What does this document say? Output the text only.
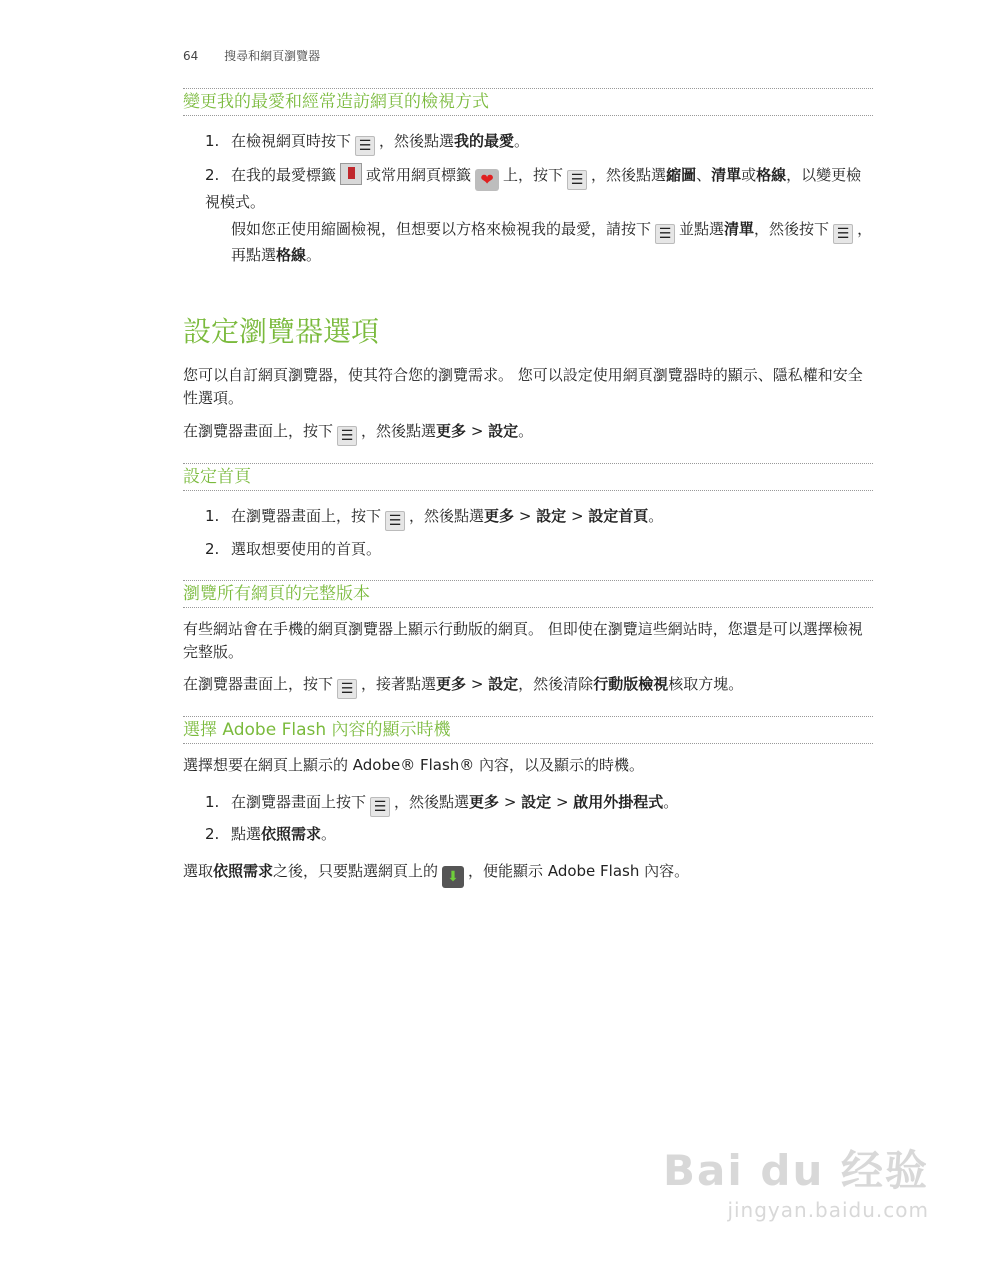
64 搜尋和網頁瀏覽器
變更我的最愛和經常造訪網頁的檢視方式
1. 在檢視網頁時按下 ☰ ，然後點選我的最愛。
2. 在我的最愛標籤 或常用網頁標籤 ❤ 上，按下 ☰ ，然後點選縮圖、清單或格線，以變更檢視模式。
假如您正使用縮圖檢視，但想要以方格來檢視我的最愛，請按下 ☰ 並點選清單，然後按下 ☰ ，再點選格線。
設定瀏覽器選項
您可以自訂網頁瀏覽器，使其符合您的瀏覽需求。 您可以設定使用網頁瀏覽器時的顯示、隱私權和安全性選項。
在瀏覽器畫面上，按下 ☰ ，然後點選更多 > 設定。
設定首頁
1. 在瀏覽器畫面上，按下 ☰ ，然後點選更多 > 設定 > 設定首頁。
2. 選取想要使用的首頁。
瀏覽所有網頁的完整版本
有些網站會在手機的網頁瀏覽器上顯示行動版的網頁。 但即使在瀏覽這些網站時，您還是可以選擇檢視完整版。
在瀏覽器畫面上，按下 ☰ ，接著點選更多 > 設定，然後清除行動版檢視核取方塊。
選擇 Adobe Flash 內容的顯示時機
選擇想要在網頁上顯示的 Adobe® Flash® 內容，以及顯示的時機。
1. 在瀏覽器畫面上按下 ☰ ，然後點選更多 > 設定 > 啟用外掛程式。
2. 點選依照需求。
選取依照需求之後，只要點選網頁上的 ⬇ ，便能顯示 Adobe Flash 內容。
Bai du 经验
jingyan.baidu.com
